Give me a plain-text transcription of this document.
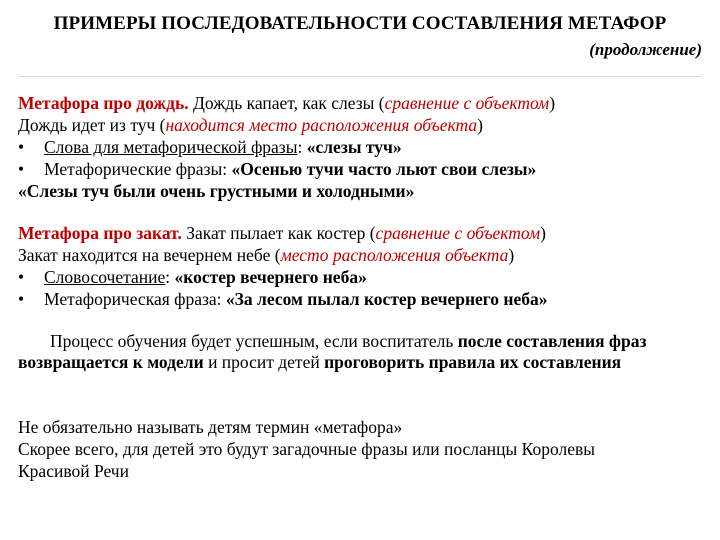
ПРИМЕРЫ ПОСЛЕДОВАТЕЛЬНОСТИ СОСТАВЛЕНИЯ МЕТАФОР
(продолжение)
Метафора про дождь. Дождь капает, как слезы (сравнение с объектом)
Дождь идет из туч (находится место расположения объекта)
• Слова для метафорической фразы: «слезы туч»
• Метафорические фразы: «Осенью тучи часто льют свои слезы»
«Слезы туч были очень грустными и холодными»
Метафора про закат. Закат пылает как костер (сравнение с объектом)
Закат находится на вечернем небе (место расположения объекта)
• Словосочетание: «костер вечернего неба»
• Метафорическая фраза: «За лесом пылал костер вечернего неба»
Процесс обучения будет успешным, если воспитатель после составления фраз возвращается к модели и просит детей проговорить правила их составления
Не обязательно называть детям термин «метафора»
Скорее всего, для детей это будут загадочные фразы или посланцы Королевы
Красивой Речи
